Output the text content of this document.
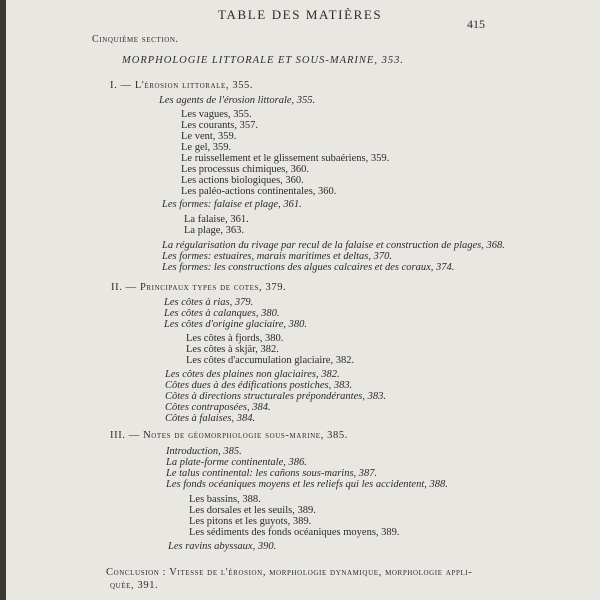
TABLE DES MATIÈRES
415
Cinquième section.
MORPHOLOGIE LITTORALE ET SOUS-MARINE, 353.
I. — L'érosion littorale, 355.
Les agents de l'érosion littorale, 355.
Les vagues, 355.
Les courants, 357.
Le vent, 359.
Le gel, 359.
Le ruissellement et le glissement subaériens, 359.
Les processus chimiques, 360.
Les actions biologiques, 360.
Les paléo-actions continentales, 360.
Les formes: falaise et plage, 361.
La falaise, 361.
La plage, 363.
La régularisation du rivage par recul de la falaise et construction de plages, 368.
Les formes: estuaires, marais maritimes et deltas, 370.
Les formes: les constructions des algues calcaires et des coraux, 374.
II. — Principaux types de cotes, 379.
Les côtes à rias, 379.
Les côtes à calanques, 380.
Les côtes d'origine glaciaire, 380.
Les côtes à fjords, 380.
Les côtes à skjär, 382.
Les côtes d'accumulation glaciaire, 382.
Les côtes des plaines non glaciaires, 382.
Côtes dues à des édifications postiches, 383.
Côtes à directions structurales prépondérantes, 383.
Côtes contraposées, 384.
Côtes à falaises, 384.
III. — Notes de géomorphologie sous-marine, 385.
Introduction, 385.
La plate-forme continentale, 386.
Le talus continental: les cañons sous-marins, 387.
Les fonds océaniques moyens et les reliefs qui les accidentent, 388.
Les bassins, 388.
Les dorsales et les seuils, 389.
Les pitons et les guyots, 389.
Les sédiments des fonds océaniques moyens, 389.
Les ravins abyssaux, 390.
Conclusion : Vitesse de l'érosion, morphologie dynamique, morphologie appli-
quée, 391.
